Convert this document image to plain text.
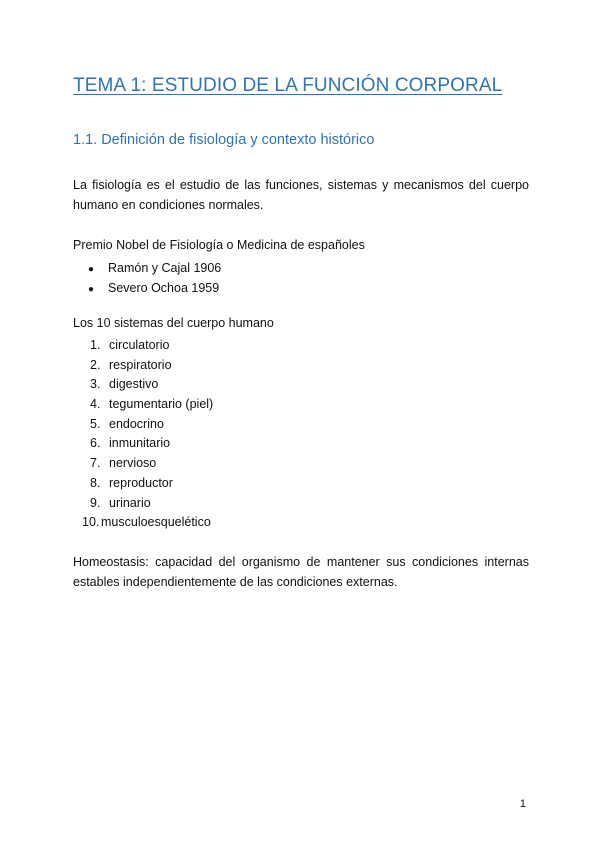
TEMA 1: ESTUDIO DE LA FUNCIÓN CORPORAL
1.1. Definición de fisiología y contexto histórico

La fisiología es el estudio de las funciones, sistemas y mecanismos del cuerpo humano en condiciones normales.

Premio Nobel de Fisiología o Medicina de españoles

● Ramón y Cajal 1906
● Severo Ochoa 1959

Los 10 sistemas del cuerpo humano

1. circulatorio
2. respiratorio
3. digestivo
4. tegumentario (piel)
5. endocrino
6. inmunitario
7. nervioso
8. reproductor
9. urinario
10. musculoesquelético

Homeostasis: capacidad del organismo de mantener sus condiciones internas estables independientemente de las condiciones externas.

1
